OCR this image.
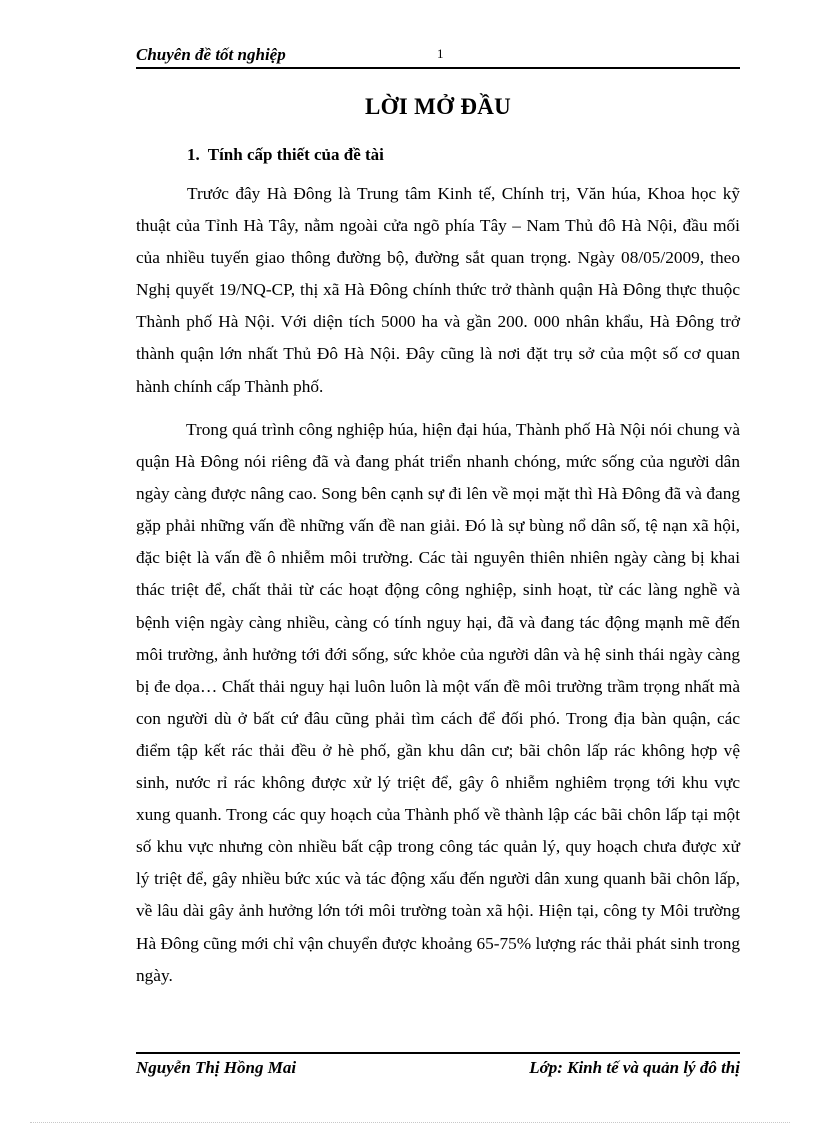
Chuyên đề tốt nghiệp	1
LỜI MỞ ĐẦU
1. Tính cấp thiết của đề tài

Trước đây Hà Đông là Trung tâm Kinh tế, Chính trị, Văn húa, Khoa học kỹ thuật của Tỉnh Hà Tây, nằm ngoài cửa ngõ phía Tây – Nam Thủ đô Hà Nội, đầu mối của nhiều tuyến giao thông đường bộ, đường sắt quan trọng. Ngày 08/05/2009, theo Nghị quyết 19/NQ-CP, thị xã Hà Đông chính thức trở thành quận Hà Đông thực thuộc Thành phố Hà Nội. Với diện tích 5000 ha và gần 200. 000 nhân khẩu, Hà Đông trở thành quận lớn nhất Thủ Đô Hà Nội. Đây cũng là nơi đặt trụ sở của một số cơ quan hành chính cấp Thành phố.

Trong quá trình công nghiệp húa, hiện đại húa, Thành phố Hà Nội nói chung và quận Hà Đông nói riêng đã và đang phát triển nhanh chóng, mức sống của người dân ngày càng được nâng cao. Song bên cạnh sự đi lên về mọi mặt thì Hà Đông đã và đang gặp phải những vấn đề những vấn đề nan giải. Đó là sự bùng nổ dân số, tệ nạn xã hội, đặc biệt là vấn đề ô nhiễm môi trường. Các tài nguyên thiên nhiên ngày càng bị khai thác triệt để, chất thải từ các hoạt động công nghiệp, sinh hoạt, từ các làng nghề và bệnh viện ngày càng nhiều, càng có tính nguy hại, đã và đang tác động mạnh mẽ đến môi trường, ảnh hưởng tới đới sống, sức khỏe của người dân và hệ sinh thái ngày càng bị đe dọa… Chất thải nguy hại luôn luôn là một vấn đề môi trường trầm trọng nhất mà con người dù ở bất cứ đâu cũng phải tìm cách để đối phó. Trong địa bàn quận, các điểm tập kết rác thải đều ở hè phố, gần khu dân cư; bãi chôn lấp rác không hợp vệ sinh, nước rỉ rác không được xử lý triệt để, gây ô nhiễm nghiêm trọng tới khu vực xung quanh. Trong các quy hoạch của Thành phố về thành lập các bãi chôn lấp tại một số khu vực nhưng còn nhiều bất cập trong công tác quản lý, quy hoạch chưa được xử lý triệt để, gây nhiều bức xúc và tác động xấu đến người dân xung quanh bãi chôn lấp, về lâu dài gây ảnh hưởng lớn tới môi trường toàn xã hội. Hiện tại, công ty Môi trường Hà Đông cũng mới chỉ vận chuyển được khoảng 65-75% lượng rác thải phát sinh trong ngày.

Nguyễn Thị Hồng Mai	Lớp: Kinh tế và quản lý đô thị
